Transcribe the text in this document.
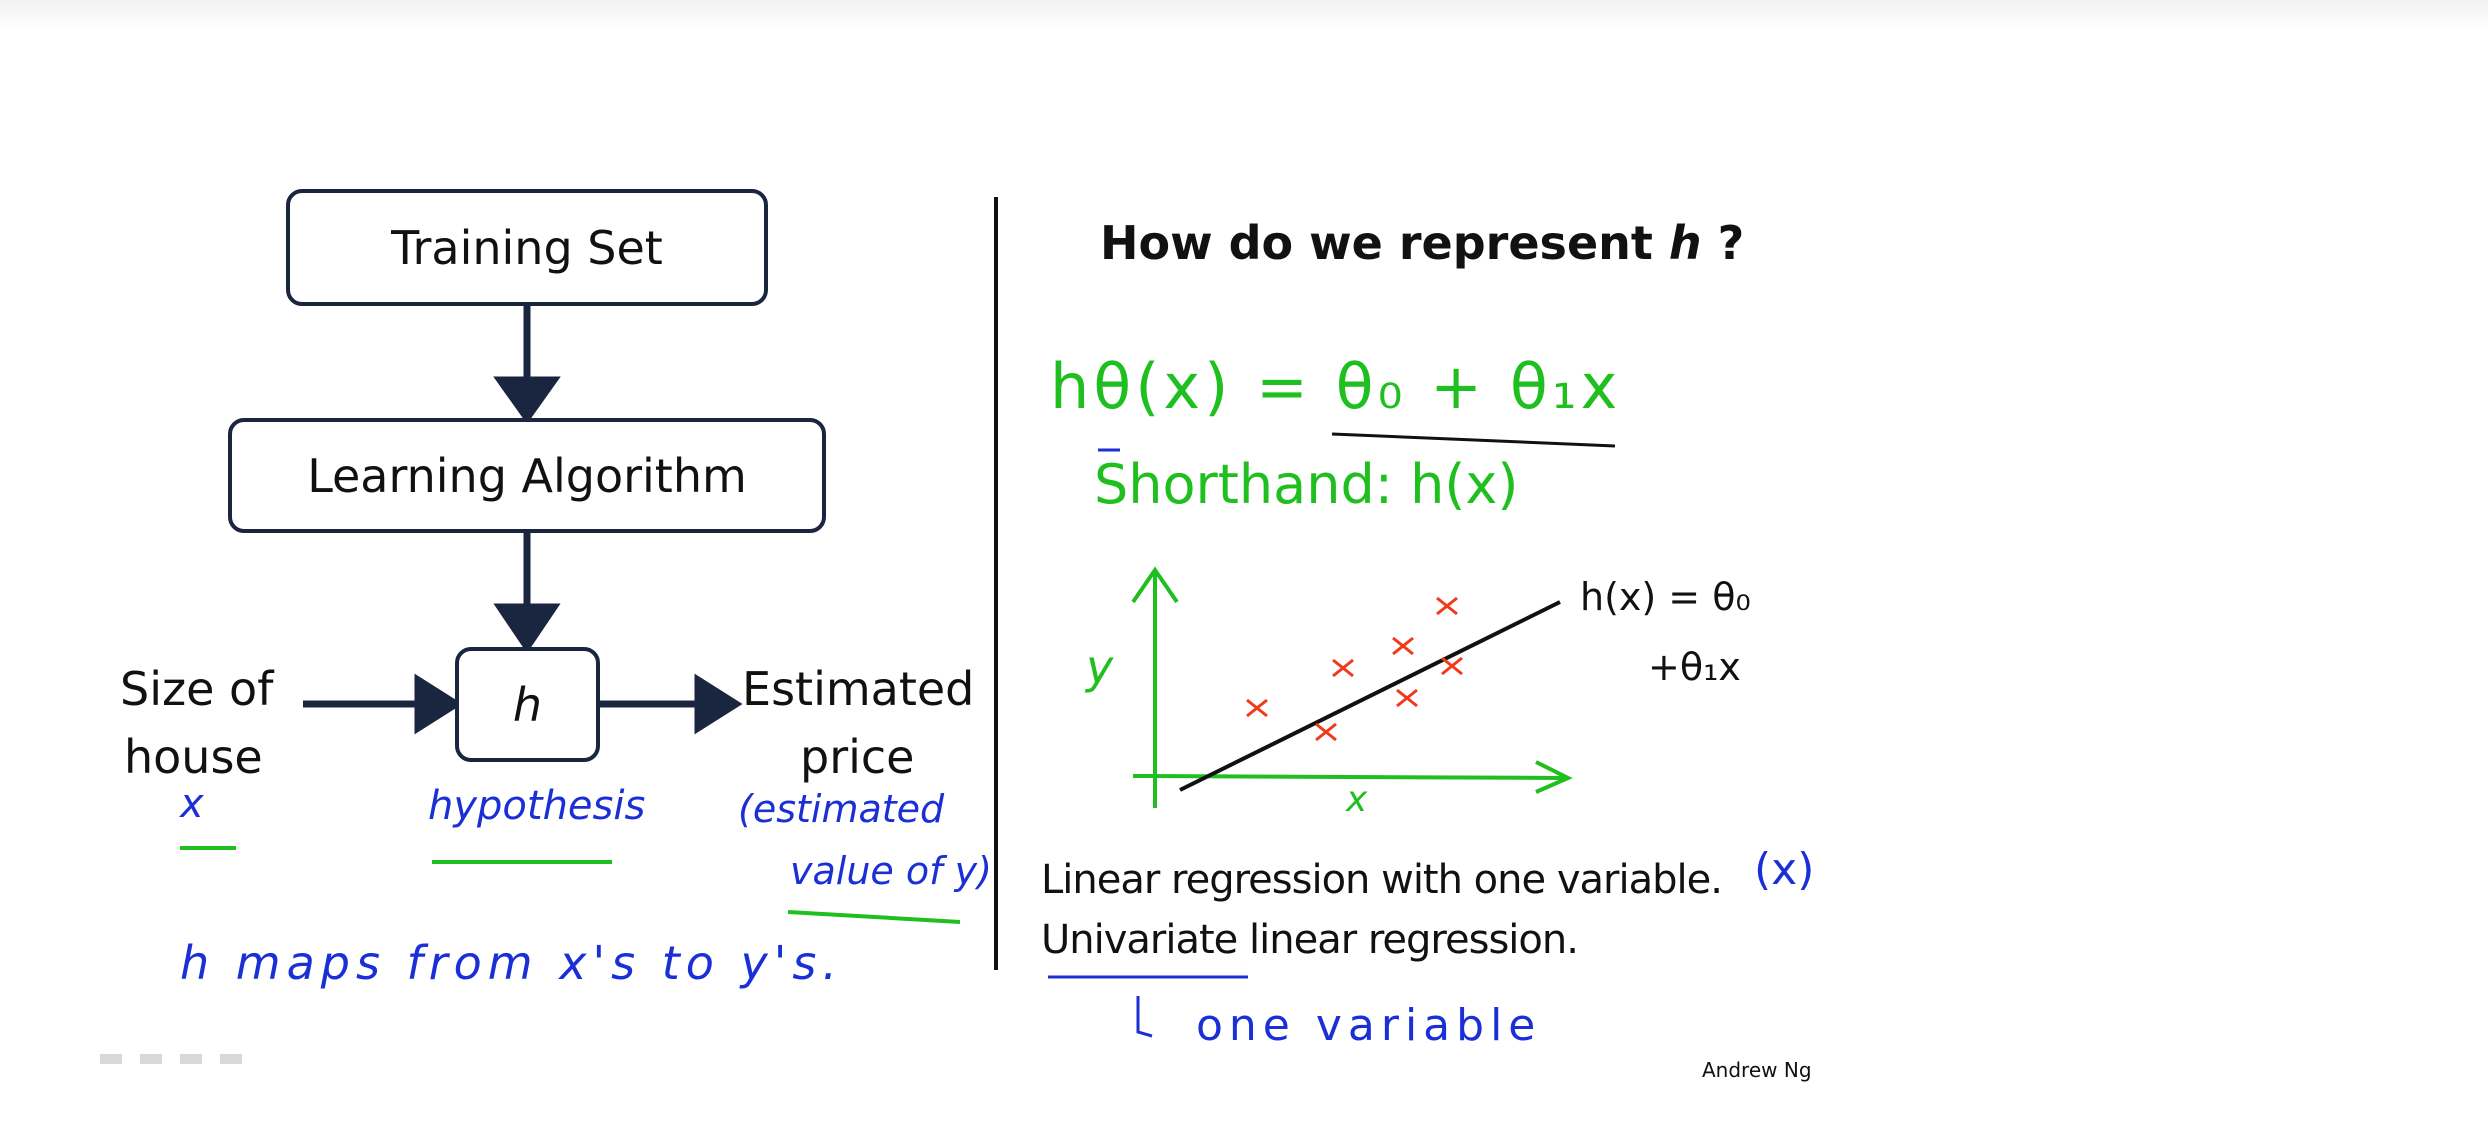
Training Set
Learning Algorithm
h
Size of
house
Estimated
price
x	hypothesis (estimated
value of y)
h maps from x's to y's.
How do we represent h ?
hθ(x) = θ₀ + θ₁x
Shorthand: h(x)
y
x
h(x) = θ₀
+θ₁x
Linear regression with one variable. (x)
Univariate linear regression.
one variable
Andrew Ng
